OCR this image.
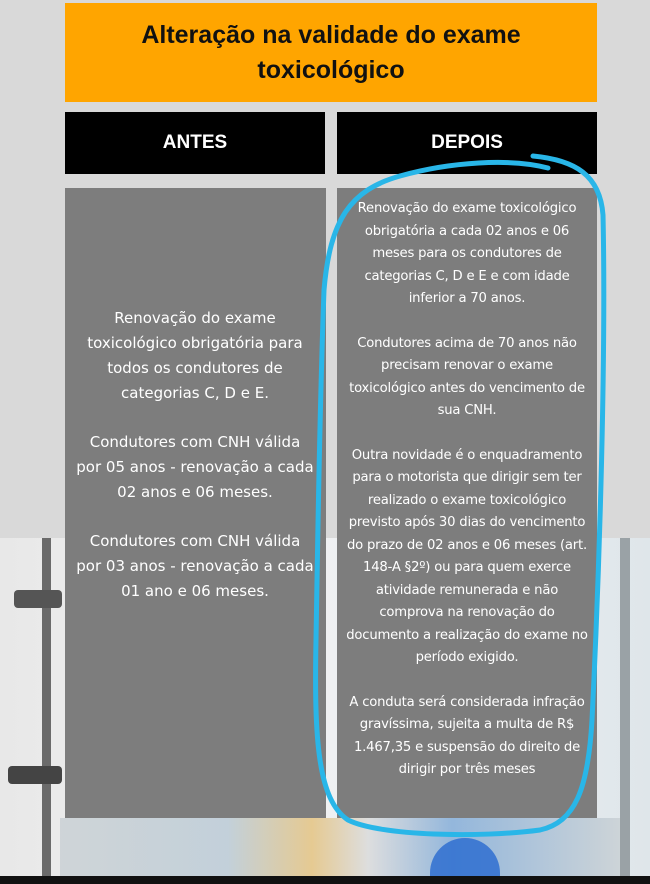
Alteração na validade do exame toxicológico
ANTES	DEPOIS

Renovação do exame toxicológico obrigatória para todos os condutores de categorias C, D e E.

Condutores com CNH válida por 05 anos - renovação a cada 02 anos e 06 meses.

Condutores com CNH válida por 03 anos - renovação a cada 01 ano e 06 meses.

Renovação do exame toxicológico obrigatória a cada 02 anos e 06 meses para os condutores de categorias C, D e E e com idade inferior a 70 anos.

Condutores acima de 70 anos não precisam renovar o exame toxicológico antes do vencimento de sua CNH.

Outra novidade é o enquadramento para o motorista que dirigir sem ter realizado o exame toxicológico previsto após 30 dias do vencimento do prazo de 02 anos e 06 meses (art. 148-A §2º) ou para quem exerce atividade remunerada e não comprova na renovação do documento a realização do exame no período exigido.

A conduta será considerada infração gravíssima, sujeita a multa de R$ 1.467,35 e suspensão do direito de dirigir por três meses
